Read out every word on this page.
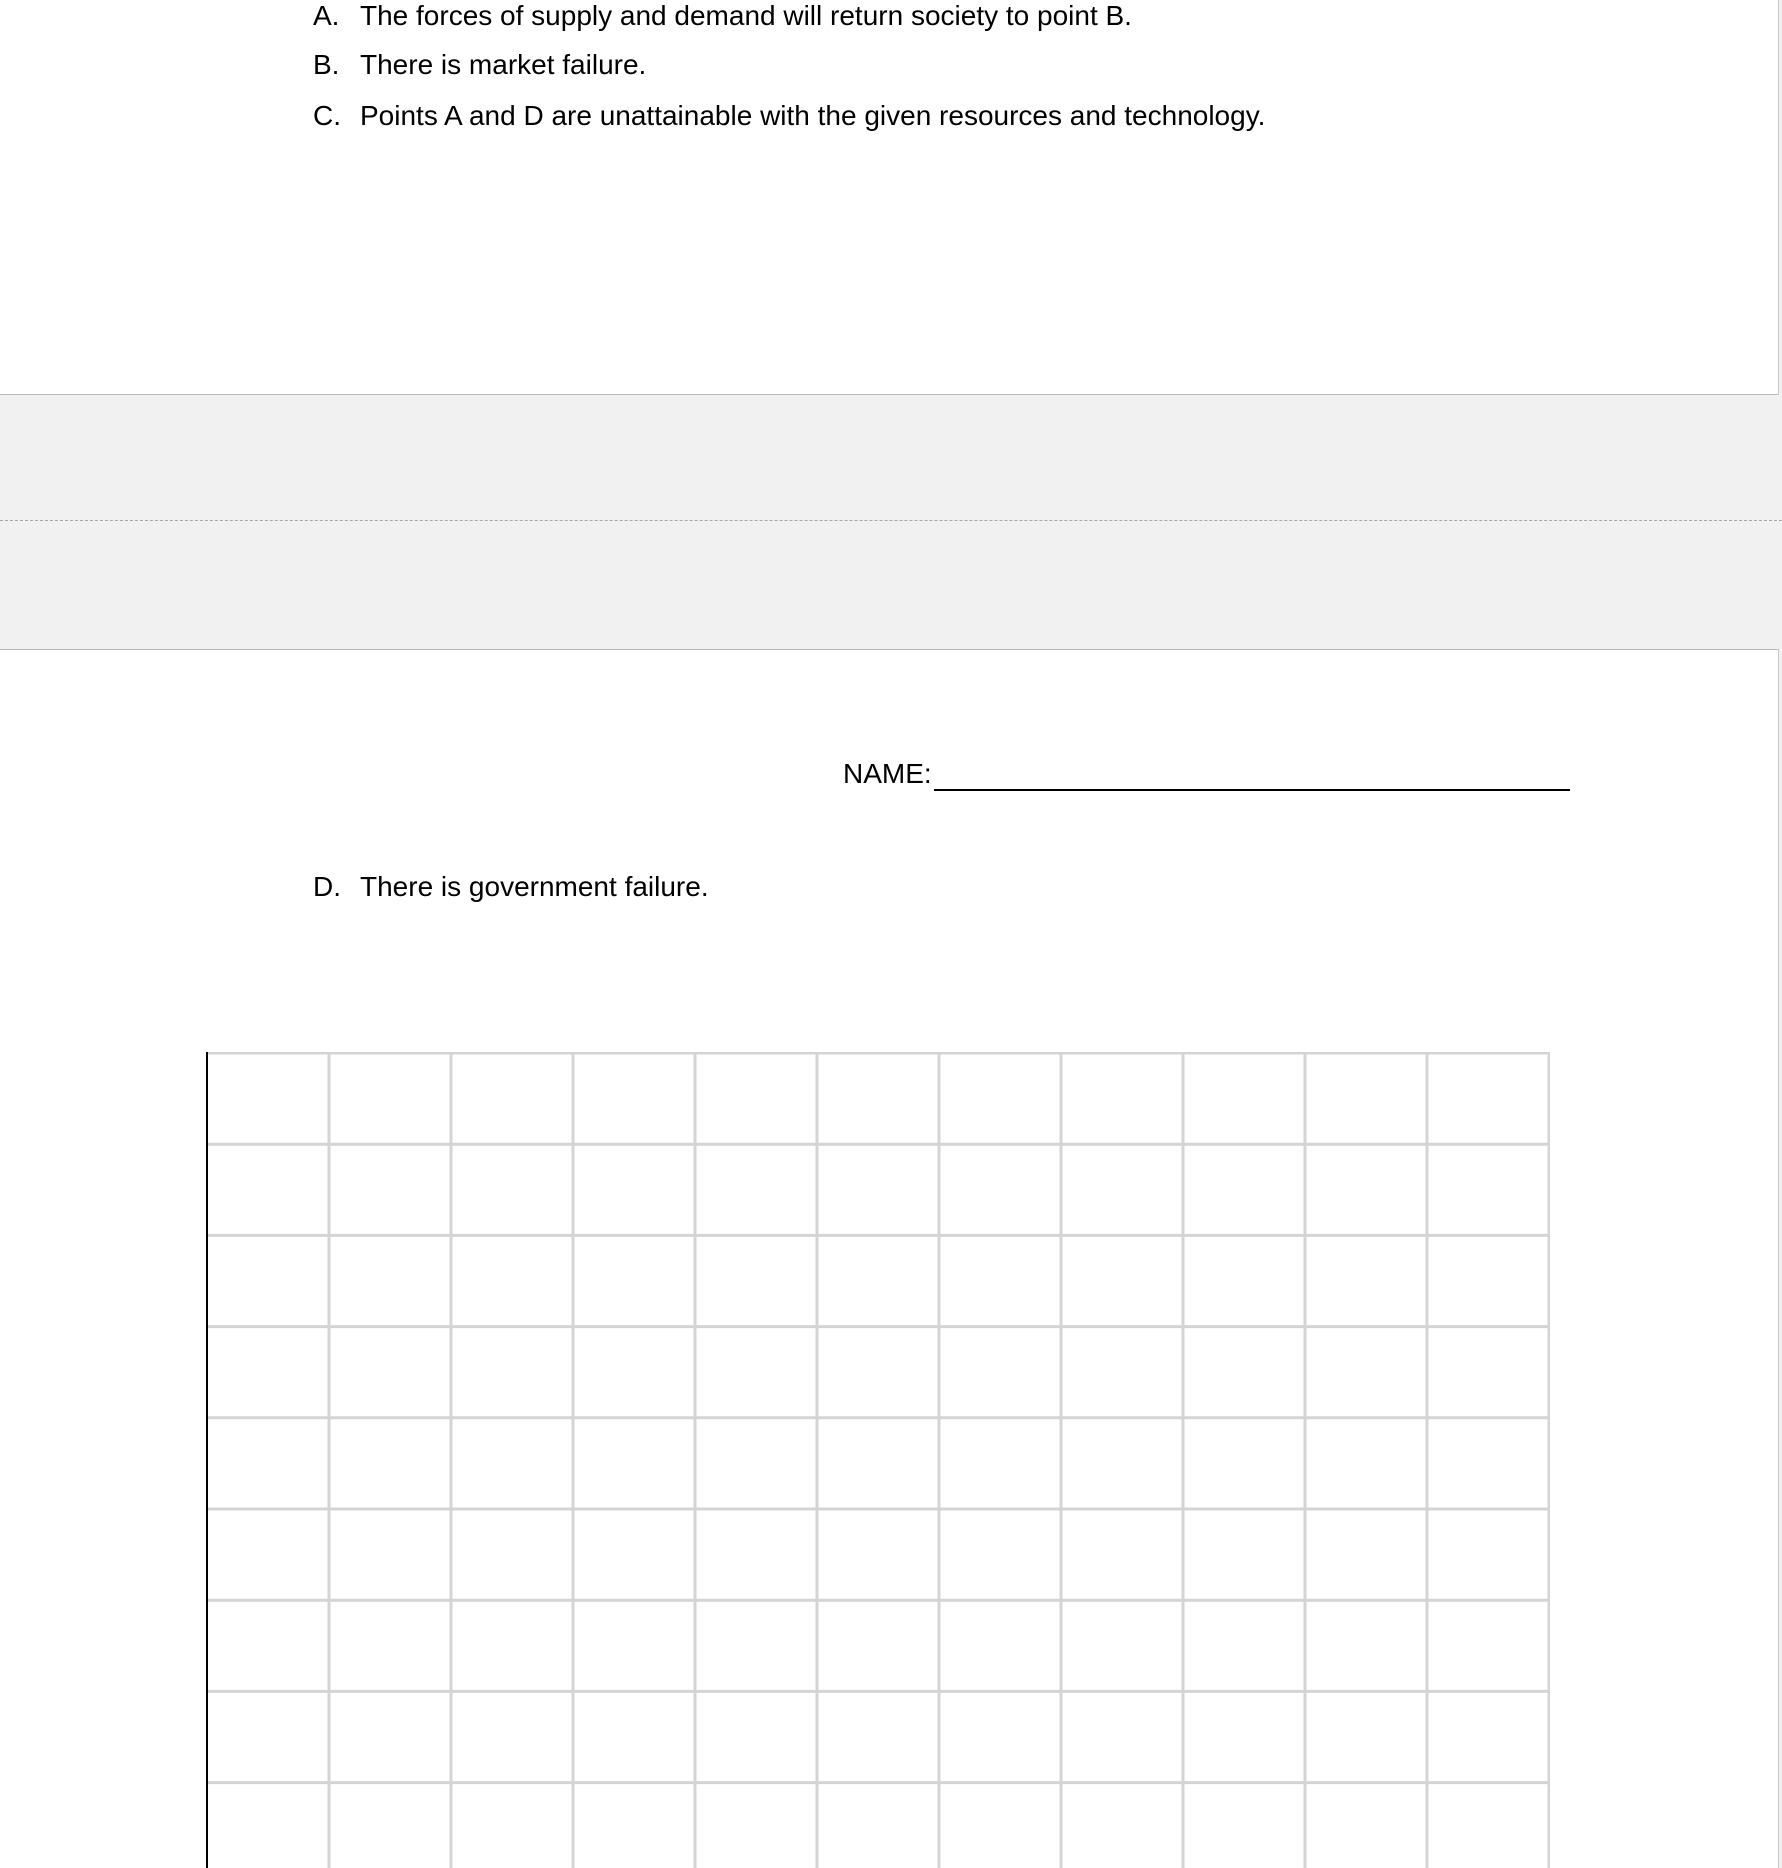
A. The forces of supply and demand will return society to point B.
B. There is market failure.
C. Points A and D are unattainable with the given resources and technology.
NAME:
D. There is government failure.
